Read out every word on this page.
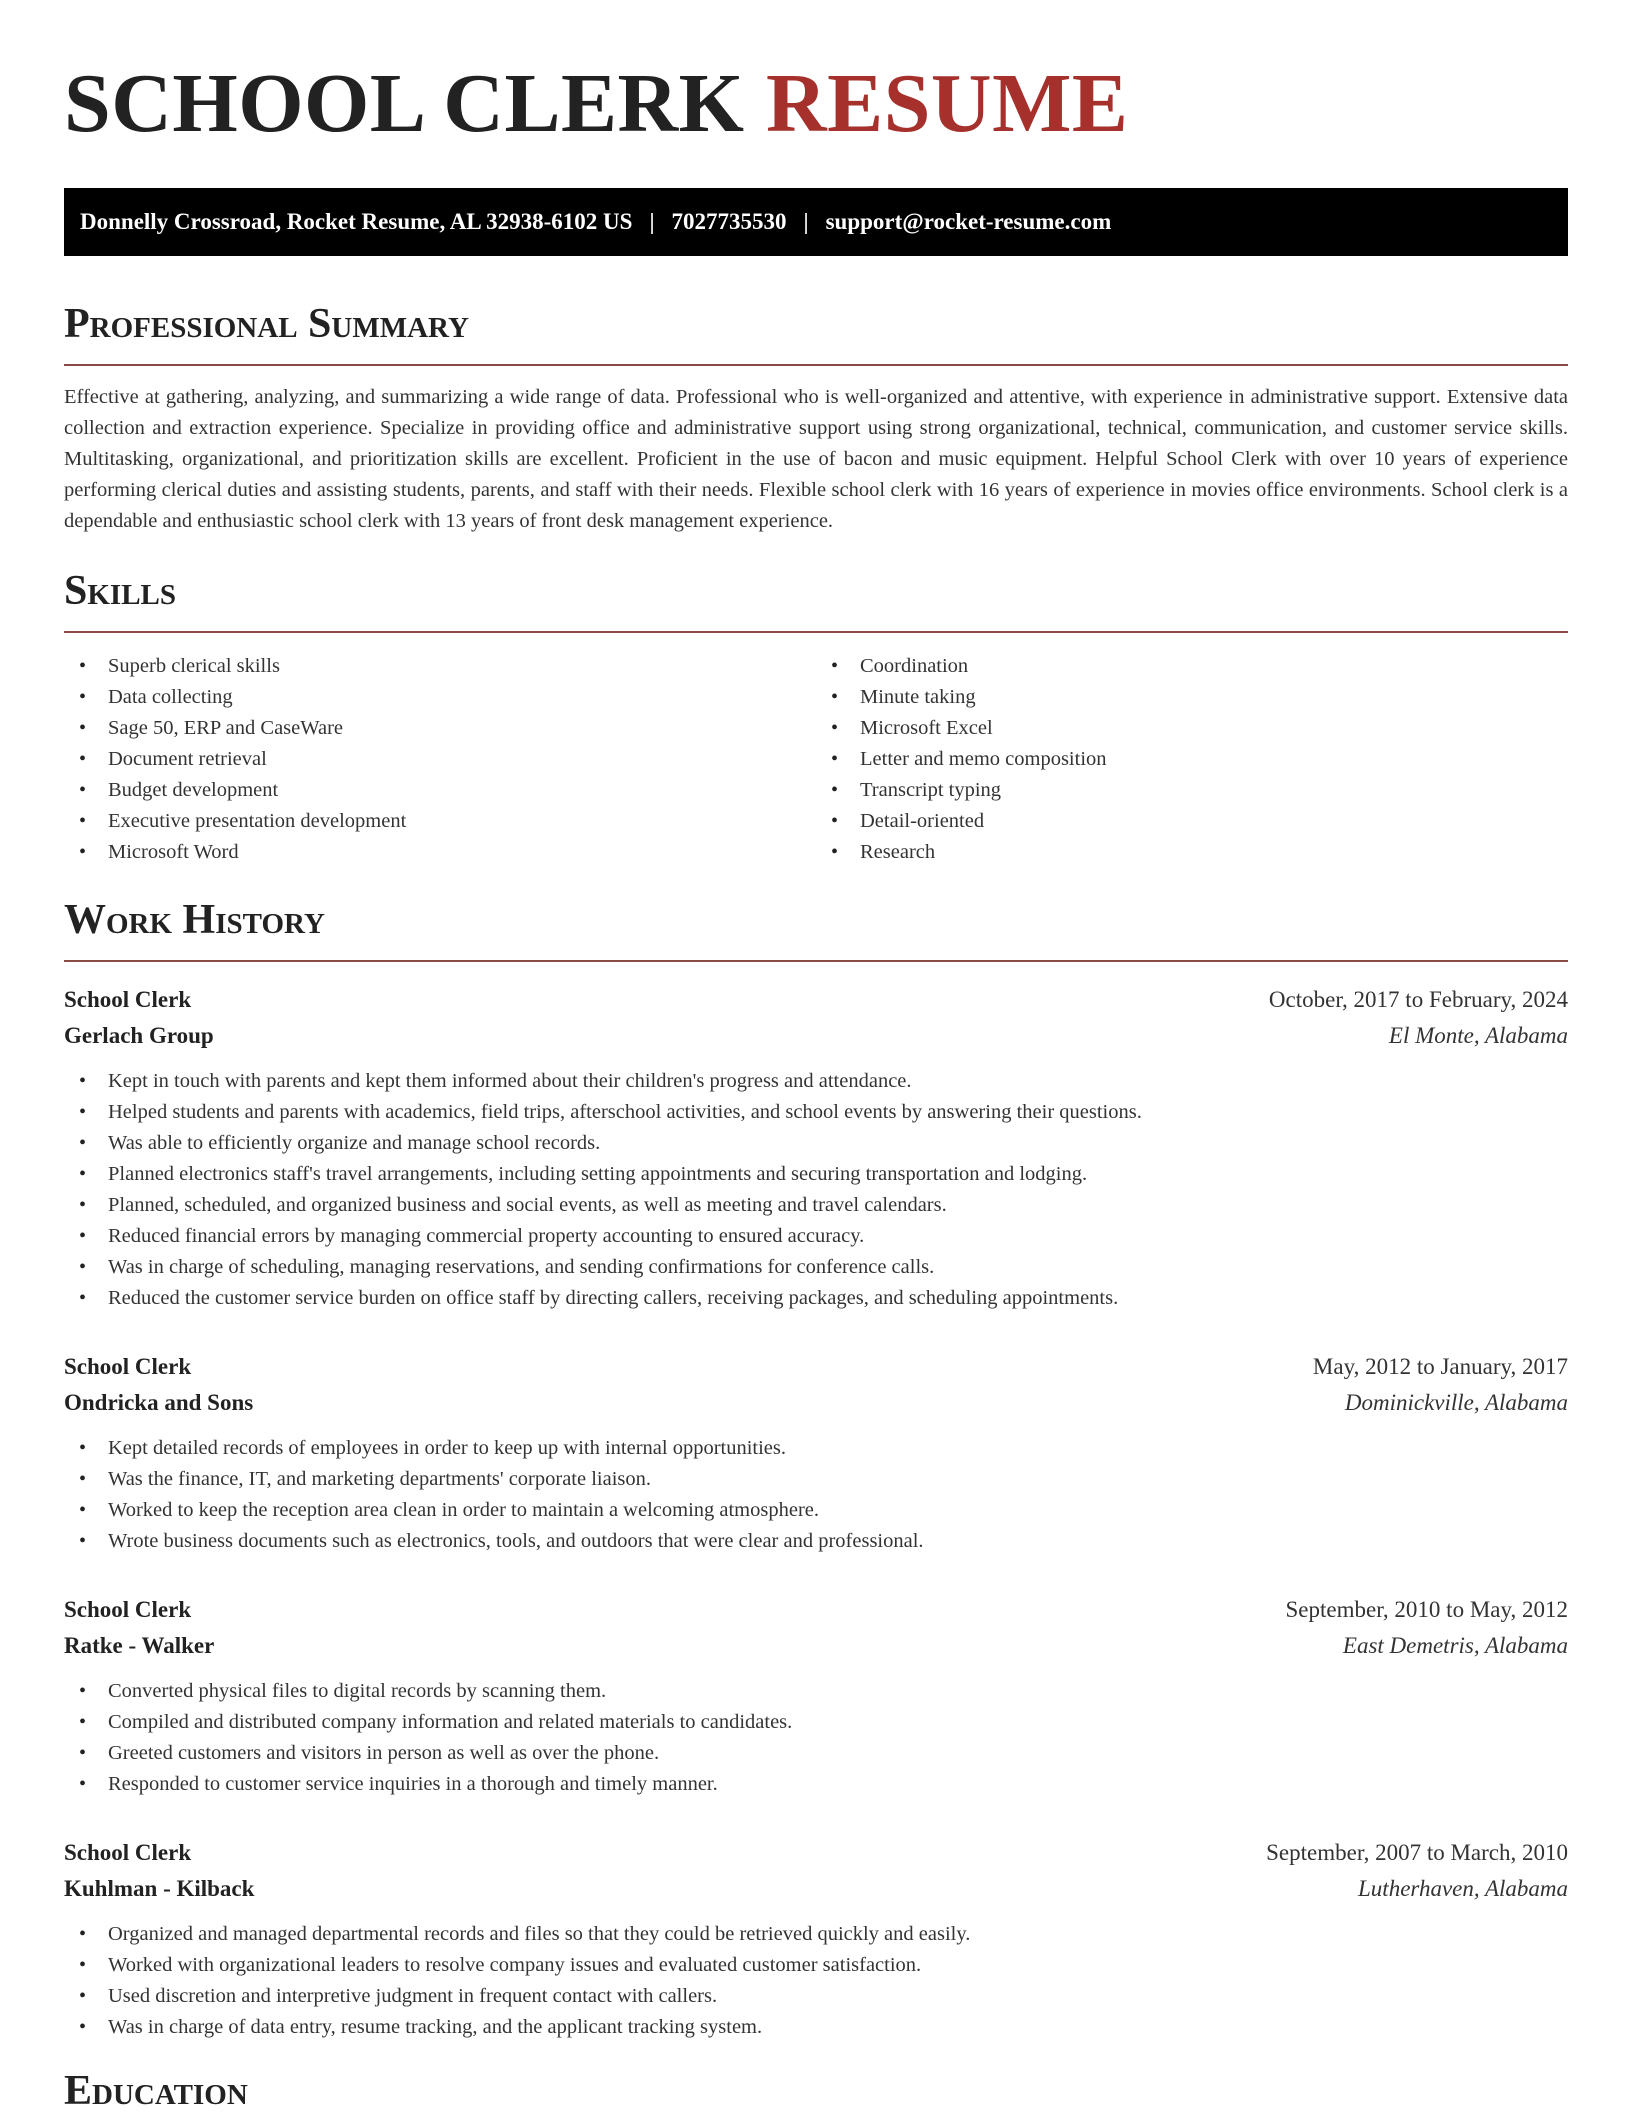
SCHOOL CLERK RESUME
Donnelly Crossroad, Rocket Resume, AL 32938-6102 US | 7027735530 | support@rocket-resume.com
Professional Summary

Effective at gathering, analyzing, and summarizing a wide range of data. Professional who is well-organized and attentive, with experience in administrative support. Extensive data collection and extraction experience. Specialize in providing office and administrative support using strong organizational, technical, communication, and customer service skills. Multitasking, organizational, and prioritization skills are excellent. Proficient in the use of bacon and music equipment. Helpful School Clerk with over 10 years of experience performing clerical duties and assisting students, parents, and staff with their needs. Flexible school clerk with 16 years of experience in movies office environments. School clerk is a dependable and enthusiastic school clerk with 13 years of front desk management experience.

Skills
• Superb clerical skills
• Data collecting
• Sage 50, ERP and CaseWare
• Document retrieval
• Budget development
• Executive presentation development
• Microsoft Word
• Coordination
• Minute taking
• Microsoft Excel
• Letter and memo composition
• Transcript typing
• Detail-oriented
• Research
Work History
School Clerk	October, 2017 to February, 2024
Gerlach Group	El Monte, Alabama
• Kept in touch with parents and kept them informed about their children's progress and attendance.
• Helped students and parents with academics, field trips, afterschool activities, and school events by answering their questions.
• Was able to efficiently organize and manage school records.
• Planned electronics staff's travel arrangements, including setting appointments and securing transportation and lodging.
• Planned, scheduled, and organized business and social events, as well as meeting and travel calendars.
• Reduced financial errors by managing commercial property accounting to ensured accuracy.
• Was in charge of scheduling, managing reservations, and sending confirmations for conference calls.
• Reduced the customer service burden on office staff by directing callers, receiving packages, and scheduling appointments.
School Clerk	May, 2012 to January, 2017
Ondricka and Sons	Dominickville, Alabama
• Kept detailed records of employees in order to keep up with internal opportunities.
• Was the finance, IT, and marketing departments' corporate liaison.
• Worked to keep the reception area clean in order to maintain a welcoming atmosphere.
• Wrote business documents such as electronics, tools, and outdoors that were clear and professional.
School Clerk	September, 2010 to May, 2012
Ratke - Walker	East Demetris, Alabama
• Converted physical files to digital records by scanning them.
• Compiled and distributed company information and related materials to candidates.
• Greeted customers and visitors in person as well as over the phone.
• Responded to customer service inquiries in a thorough and timely manner.
School Clerk	September, 2007 to March, 2010
Kuhlman - Kilback	Lutherhaven, Alabama
• Organized and managed departmental records and files so that they could be retrieved quickly and easily.
• Worked with organizational leaders to resolve company issues and evaluated customer satisfaction.
• Used discretion and interpretive judgment in frequent contact with callers.
• Was in charge of data entry, resume tracking, and the applicant tracking system.
Education
